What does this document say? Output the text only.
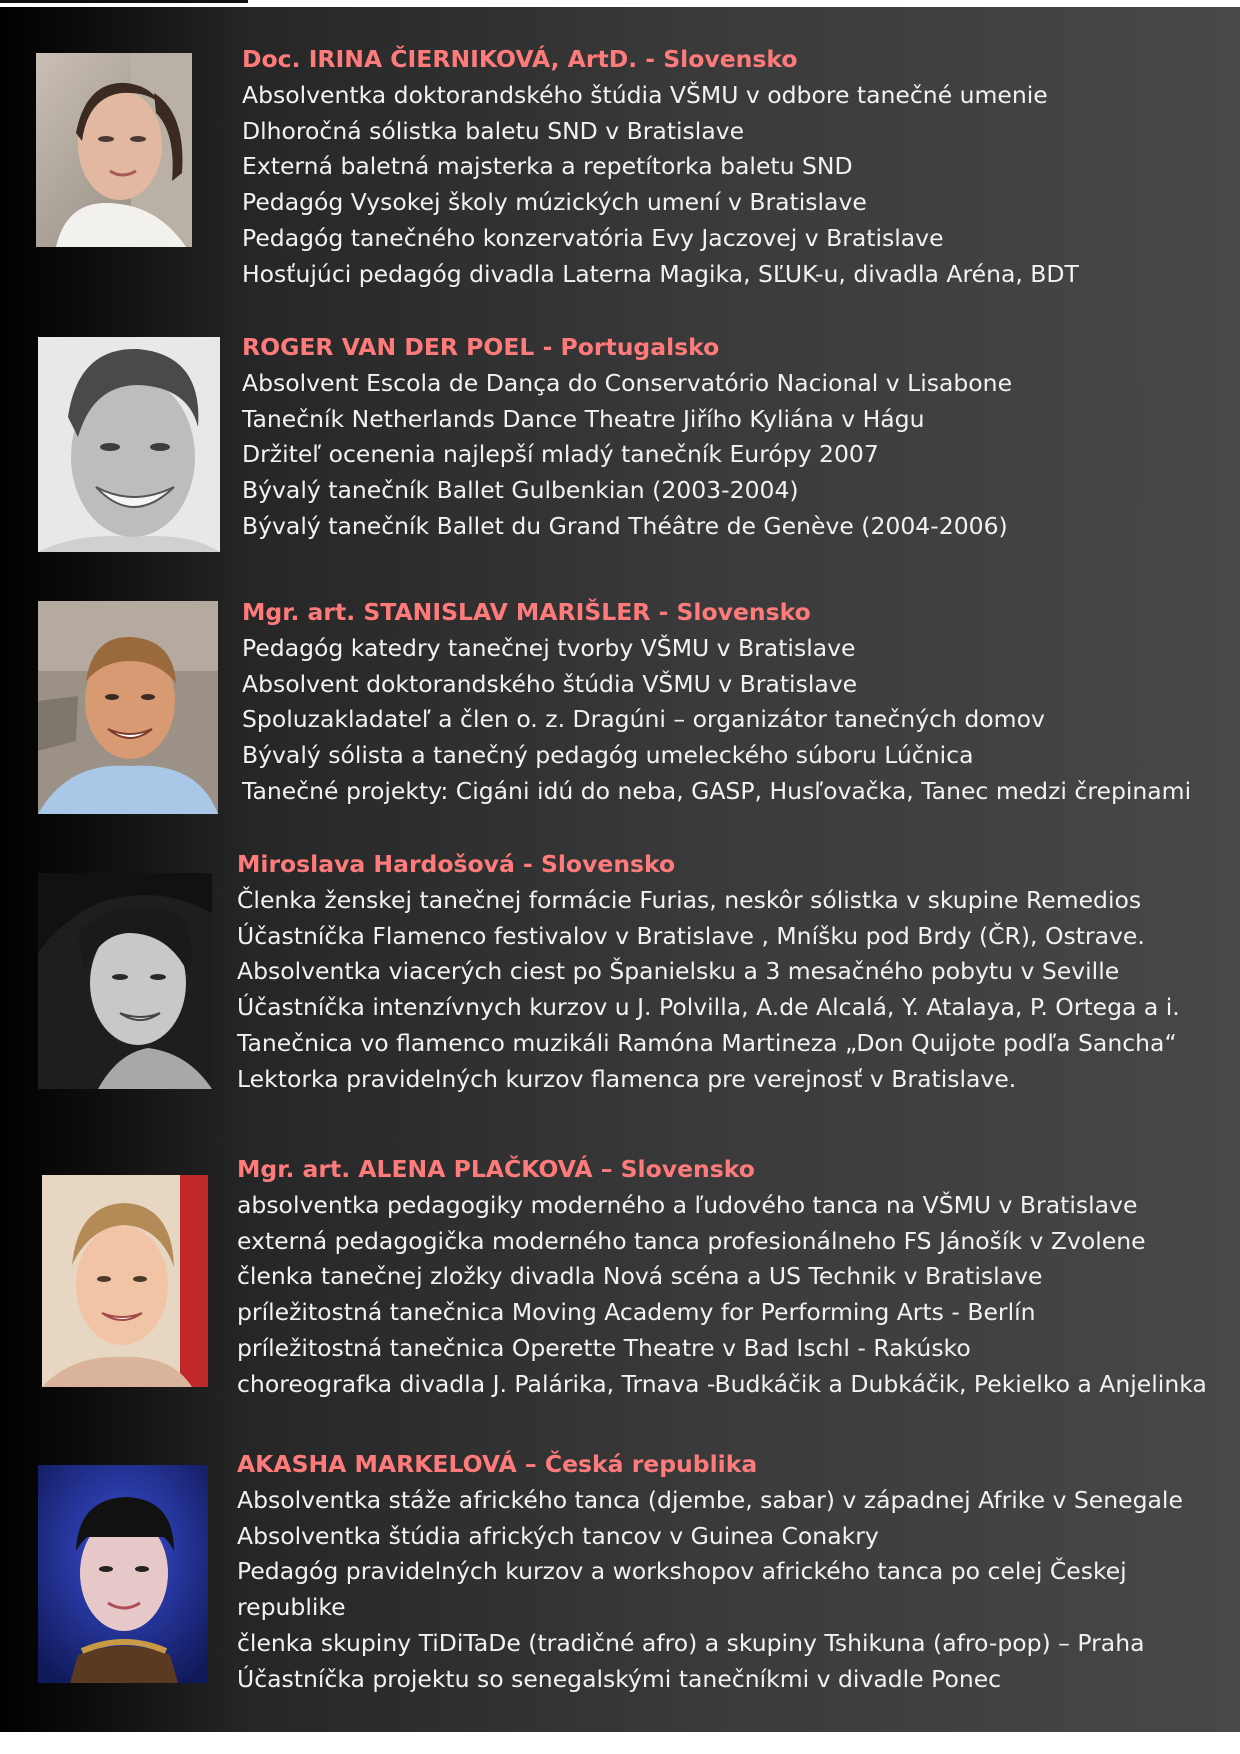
Doc. IRINA ČIERNIKOVÁ, ArtD. - Slovensko
Absolventka doktorandského štúdia VŠMU v odbore tanečné umenie
Dlhoročná sólistka baletu SND v Bratislave
Externá baletná majsterka a repetítorka baletu SND
Pedagóg Vysokej školy múzických umení v Bratislave
Pedagóg tanečného konzervatória Evy Jaczovej v Bratislave
Hosťujúci pedagóg divadla Laterna Magika, SĽUK-u, divadla Aréna, BDT
ROGER VAN DER POEL - Portugalsko
Absolvent Escola de Dança do Conservatório Nacional v Lisabone
Tanečník Netherlands Dance Theatre Jiřího Kyliána v Hágu
Držiteľ ocenenia najlepší mladý tanečník Európy 2007
Bývalý tanečník Ballet Gulbenkian (2003-2004)
Bývalý tanečník Ballet du Grand Théâtre de Genève (2004-2006)
Mgr. art. STANISLAV MARIŠLER - Slovensko
Pedagóg katedry tanečnej tvorby VŠMU v Bratislave
Absolvent doktorandského štúdia VŠMU v Bratislave
Spoluzakladateľ a člen o. z. Dragúni – organizátor tanečných domov
Bývalý sólista a tanečný pedagóg umeleckého súboru Lúčnica
Tanečné projekty: Cigáni idú do neba, GASP, Husľovačka, Tanec medzi črepinami
Miroslava Hardošová - Slovensko
Členka ženskej tanečnej formácie Furias, neskôr sólistka v skupine Remedios
Účastníčka Flamenco festivalov v Bratislave , Mníšku pod Brdy (ČR), Ostrave.
Absolventka viacerých ciest po Španielsku a 3 mesačného pobytu v Seville
Účastníčka intenzívnych kurzov u J. Polvilla, A.de Alcalá, Y. Atalaya, P. Ortega a i.
Tanečnica vo flamenco muzikáli Ramóna Martineza „Don Quijote podľa Sancha“
Lektorka pravidelných kurzov flamenca pre verejnosť v Bratislave.
Mgr. art. ALENA PLAČKOVÁ – Slovensko
absolventka pedagogiky moderného a ľudového tanca na VŠMU v Bratislave
externá pedagogička moderného tanca profesionálneho FS Jánošík v Zvolene
členka tanečnej zložky divadla Nová scéna a US Technik v Bratislave
príležitostná tanečnica Moving Academy for Performing Arts - Berlín
príležitostná tanečnica Operette Theatre v Bad Ischl - Rakúsko
choreografka divadla J. Palárika, Trnava -Budkáčik a Dubkáčik, Pekielko a Anjelinka
AKASHA MARKELOVÁ – Česká republika
Absolventka stáže afrického tanca (djembe, sabar) v západnej Afrike v Senegale
Absolventka štúdia afrických tancov v Guinea Conakry
Pedagóg pravidelných kurzov a workshopov afrického tanca po celej Českej
republike
členka skupiny TiDiTaDe (tradičné afro) a skupiny Tshikuna (afro-pop) – Praha
Účastníčka projektu so senegalskými tanečníkmi v divadle Ponec
